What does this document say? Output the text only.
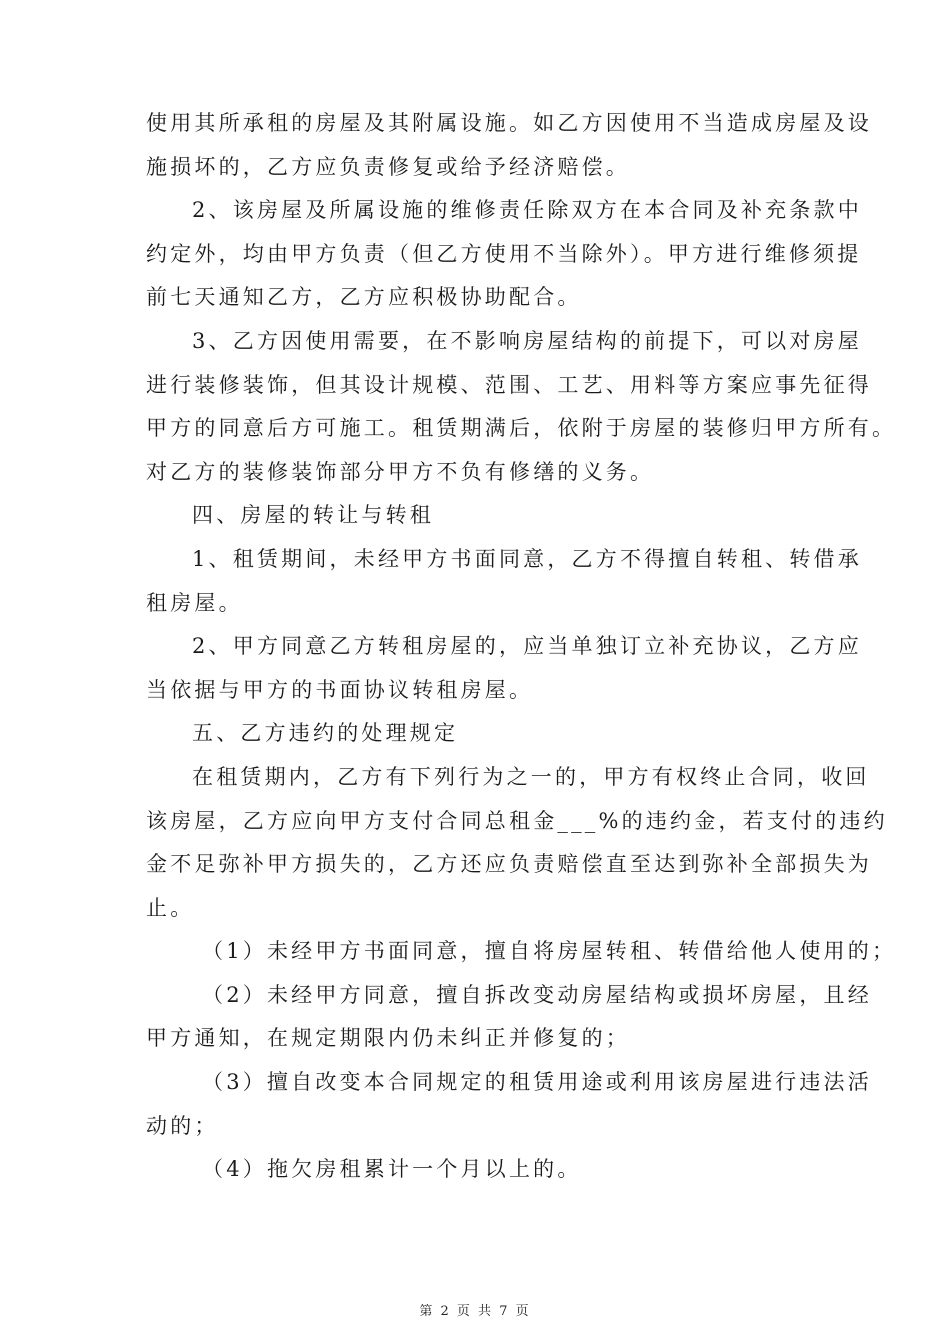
使用其所承租的房屋及其附属设施。如乙方因使用不当造成房屋及设
施损坏的，乙方应负责修复或给予经济赔偿。
2、该房屋及所属设施的维修责任除双方在本合同及补充条款中
约定外，均由甲方负责（但乙方使用不当除外）。甲方进行维修须提
前七天通知乙方，乙方应积极协助配合。
3、乙方因使用需要，在不影响房屋结构的前提下，可以对房屋
进行装修装饰，但其设计规模、范围、工艺、用料等方案应事先征得
甲方的同意后方可施工。租赁期满后，依附于房屋的装修归甲方所有。
对乙方的装修装饰部分甲方不负有修缮的义务。
四、房屋的转让与转租
1、租赁期间，未经甲方书面同意，乙方不得擅自转租、转借承
租房屋。
2、甲方同意乙方转租房屋的，应当单独订立补充协议，乙方应
当依据与甲方的书面协议转租房屋。
五、乙方违约的处理规定
在租赁期内，乙方有下列行为之一的，甲方有权终止合同，收回
该房屋，乙方应向甲方支付合同总租金___%的违约金，若支付的违约
金不足弥补甲方损失的，乙方还应负责赔偿直至达到弥补全部损失为
止。
（1）未经甲方书面同意，擅自将房屋转租、转借给他人使用的；
（2）未经甲方同意，擅自拆改变动房屋结构或损坏房屋，且经
甲方通知，在规定期限内仍未纠正并修复的；
（3）擅自改变本合同规定的租赁用途或利用该房屋进行违法活
动的；
（4）拖欠房租累计一个月以上的。
第 2 页 共 7 页
